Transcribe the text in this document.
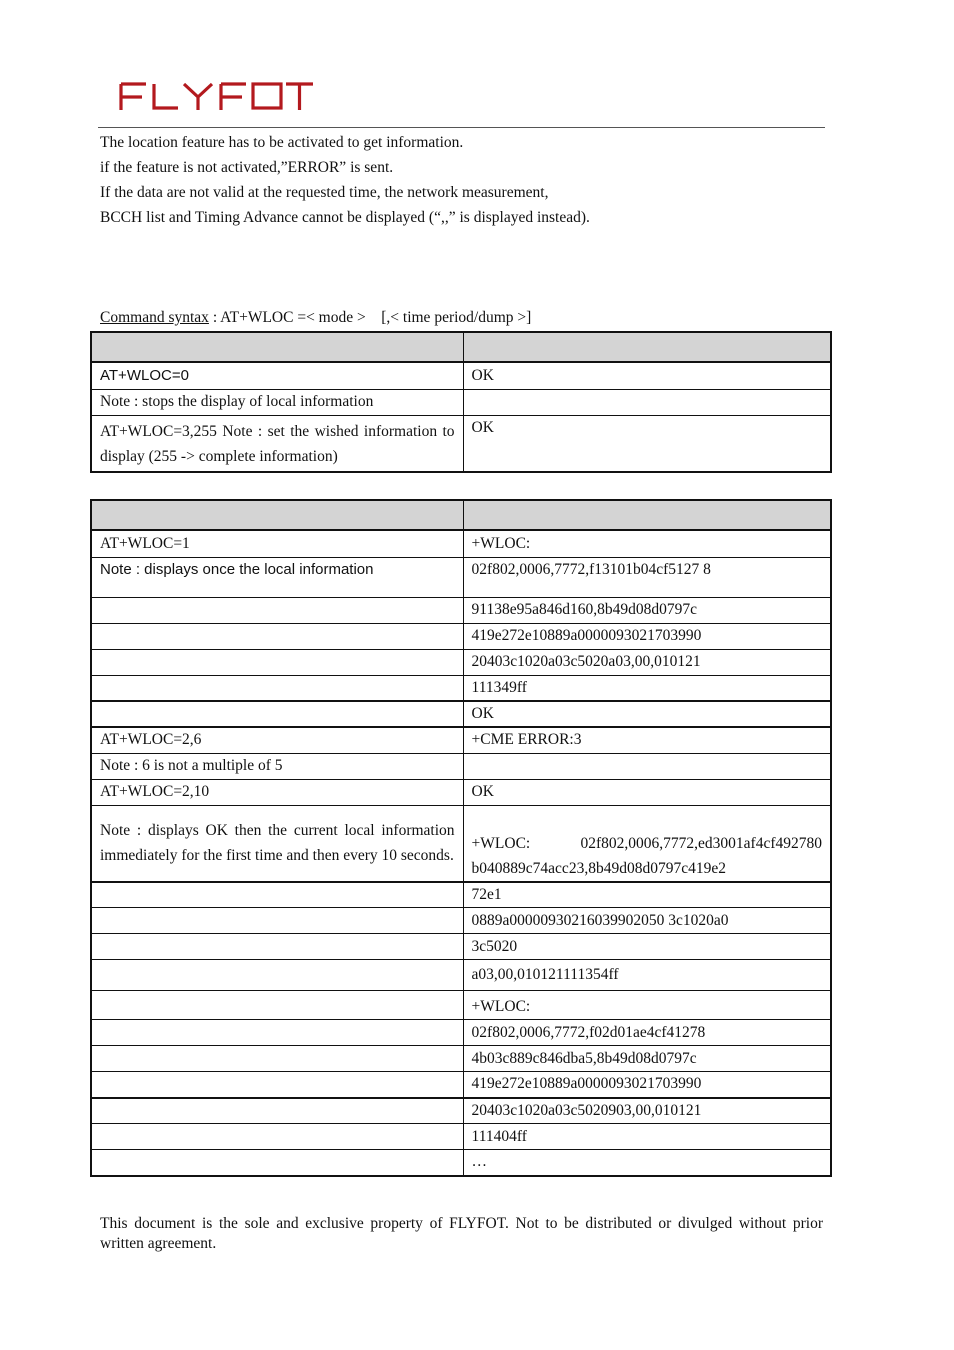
The location feature has to be activated to get information.
if the feature is not activated,”ERROR” is sent.
If the data are not valid at the requested time, the network measurement,
BCCH list and Timing Advance cannot be displayed (“,,” is displayed instead).
Command syntax : AT+WLOC =< mode >    [,< time period/dump >]

AT+WLOC=0	OK
Note : stops the display of local information	
AT+WLOC=3,255 Note : set the wished information to display (255 -> complete information)	OK

AT+WLOC=1	+WLOC:
Note : displays once the local information	02f802,0006,7772,f13101b04cf5127 8
	91138e95a846d160,8b49d08d0797c
	419e272e10889a0000093021703990
	20403c1020a03c5020a03,00,010121
	111349ff
	OK
AT+WLOC=2,6	+CME ERROR:3
Note : 6 is not a multiple of 5	
AT+WLOC=2,10	OK
Note : displays OK then the current local information immediately for the first time and then every 10 seconds.	+WLOC: 02f802,0006,7772,ed3001af4cf492780 b040889c74acc23,8b49d08d0797c419e2
	72e1
	0889a00000930216039902050 3c1020a0
	3c5020
	a03,00,010121111354ff
	+WLOC:
	02f802,0006,7772,f02d01ae4cf41278
	4b03c889c846dba5,8b49d08d0797c
	419e272e10889a0000093021703990
	20403c1020a03c5020903,00,010121
	111404ff
	…
This document is the sole and exclusive property of FLYFOT. Not to be distributed or divulged without prior written agreement.
